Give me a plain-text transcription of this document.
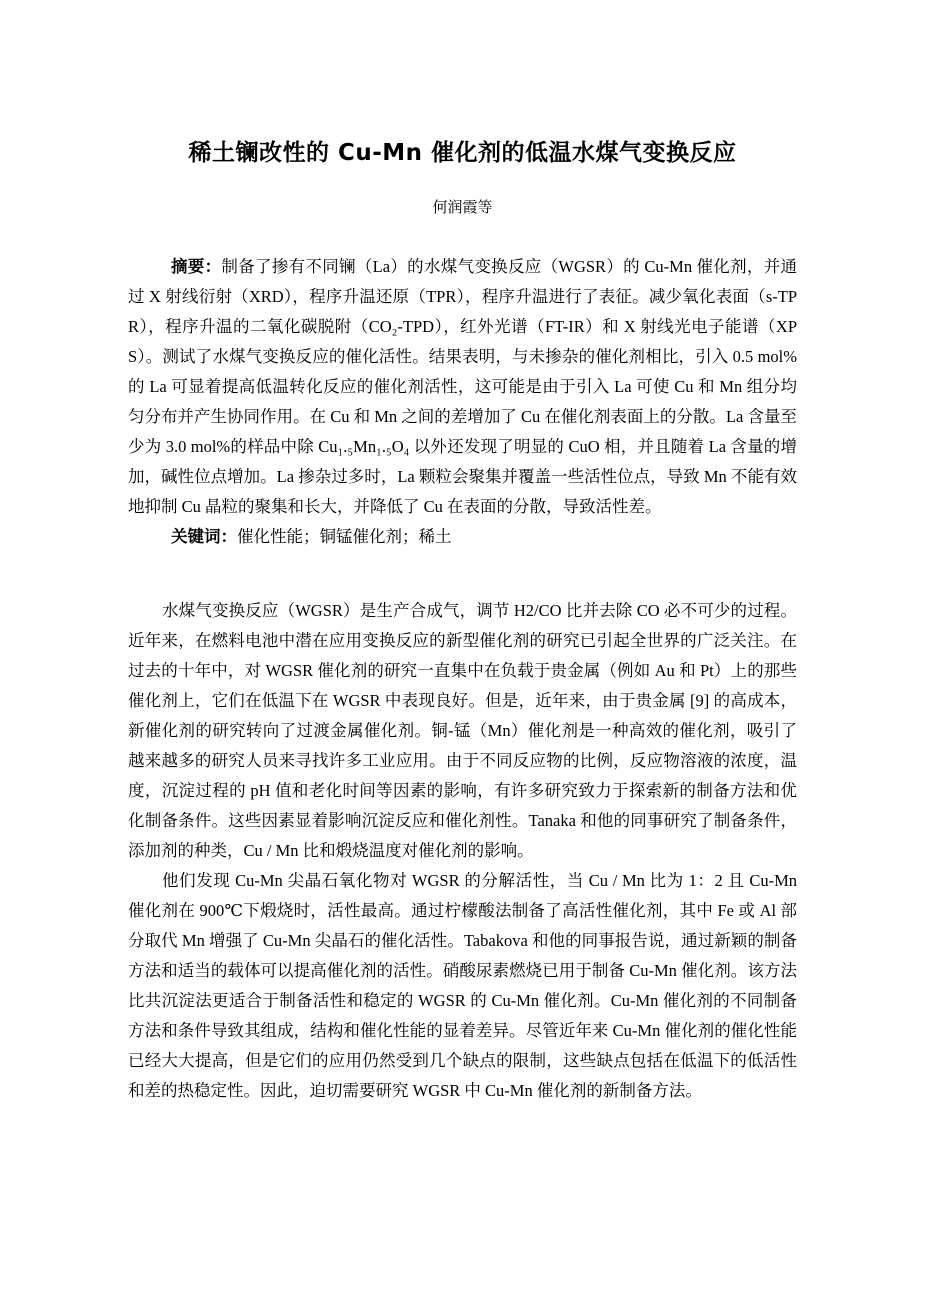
稀土镧改性的 Cu-Mn 催化剂的低温水煤气变换反应
何润霞等

摘要：制备了掺有不同镧（La）的水煤气变换反应（WGSR）的 Cu-Mn 催化剂，并通过 X 射线衍射（XRD），程序升温还原（TPR），程序升温进行了表征。减少氧化表面（s-TPR），程序升温的二氧化碳脱附（CO₂-TPD），红外光谱（FT-IR）和 X 射线光电子能谱（XPS）。测试了水煤气变换反应的催化活性。结果表明，与未掺杂的催化剂相比，引入 0.5 mol%的 La 可显着提高低温转化反应的催化剂活性，这可能是由于引入 La 可使 Cu 和 Mn 组分均匀分布并产生协同作用。在 Cu 和 Mn 之间的差增加了 Cu 在催化剂表面上的分散。La 含量至少为 3.0 mol%的样品中除 Cu₁.₅Mn₁.₅O₄ 以外还发现了明显的 CuO 相，并且随着 La 含量的增加，碱性位点增加。La 掺杂过多时，La 颗粒会聚集并覆盖一些活性位点，导致 Mn 不能有效地抑制 Cu 晶粒的聚集和长大，并降低了 Cu 在表面的分散，导致活性差。

关键词：催化性能；铜锰催化剂；稀土

水煤气变换反应（WGSR）是生产合成气，调节 H2/CO 比并去除 CO 必不可少的过程。近年来，在燃料电池中潜在应用变换反应的新型催化剂的研究已引起全世界的广泛关注。在过去的十年中，对 WGSR 催化剂的研究一直集中在负载于贵金属（例如 Au 和 Pt）上的那些催化剂上，它们在低温下在 WGSR 中表现良好。但是，近年来，由于贵金属 [9] 的高成本，新催化剂的研究转向了过渡金属催化剂。铜-锰（Mn）催化剂是一种高效的催化剂，吸引了越来越多的研究人员来寻找许多工业应用。由于不同反应物的比例，反应物溶液的浓度，温度，沉淀过程的 pH 值和老化时间等因素的影响，有许多研究致力于探索新的制备方法和优化制备条件。这些因素显着影响沉淀反应和催化剂性。Tanaka 和他的同事研究了制备条件，添加剂的种类，Cu / Mn 比和煅烧温度对催化剂的影响。

他们发现 Cu-Mn 尖晶石氧化物对 WGSR 的分解活性，当 Cu / Mn 比为 1：2 且 Cu-Mn 催化剂在 900℃下煅烧时，活性最高。通过柠檬酸法制备了高活性催化剂，其中 Fe 或 Al 部分取代 Mn 增强了 Cu-Mn 尖晶石的催化活性。Tabakova 和他的同事报告说，通过新颖的制备方法和适当的载体可以提高催化剂的活性。硝酸尿素燃烧已用于制备 Cu-Mn 催化剂。该方法比共沉淀法更适合于制备活性和稳定的 WGSR 的 Cu-Mn 催化剂。Cu-Mn 催化剂的不同制备方法和条件导致其组成，结构和催化性能的显着差异。尽管近年来 Cu-Mn 催化剂的催化性能已经大大提高，但是它们的应用仍然受到几个缺点的限制，这些缺点包括在低温下的低活性和差的热稳定性。因此，迫切需要研究 WGSR 中 Cu-Mn 催化剂的新制备方法。
